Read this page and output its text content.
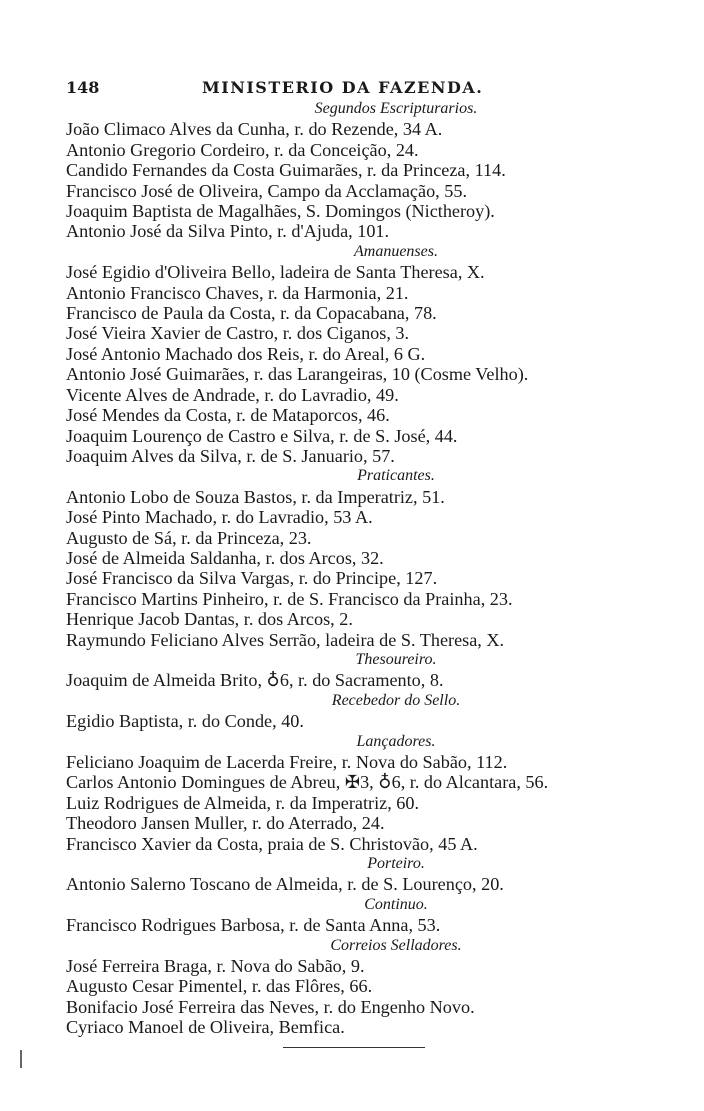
148	MINISTERIO DA FAZENDA.
Segundos Escripturarios.
João Climaco Alves da Cunha, r. do Rezende, 34 A.
Antonio Gregorio Cordeiro, r. da Conceição, 24.
Candido Fernandes da Costa Guimarães, r. da Princeza, 114.
Francisco José de Oliveira, Campo da Acclamação, 55.
Joaquim Baptista de Magalhães, S. Domingos (Nictheroy).
Antonio José da Silva Pinto, r. d'Ajuda, 101.
Amanuenses.
José Egidio d'Oliveira Bello, ladeira de Santa Theresa, X.
Antonio Francisco Chaves, r. da Harmonia, 21.
Francisco de Paula da Costa, r. da Copacabana, 78.
José Vieira Xavier de Castro, r. dos Ciganos, 3.
José Antonio Machado dos Reis, r. do Areal, 6 G.
Antonio José Guimarães, r. das Larangeiras, 10 (Cosme Velho).
Vicente Alves de Andrade, r. do Lavradio, 49.
José Mendes da Costa, r. de Mataporcos, 46.
Joaquim Lourenço de Castro e Silva, r. de S. José, 44.
Joaquim Alves da Silva, r. de S. Januario, 57.
Praticantes.
Antonio Lobo de Souza Bastos, r. da Imperatriz, 51.
José Pinto Machado, r. do Lavradio, 53 A.
Augusto de Sá, r. da Princeza, 23.
José de Almeida Saldanha, r. dos Arcos, 32.
José Francisco da Silva Vargas, r. do Principe, 127.
Francisco Martins Pinheiro, r. de S. Francisco da Prainha, 23.
Henrique Jacob Dantas, r. dos Arcos, 2.
Raymundo Feliciano Alves Serrão, ladeira de S. Theresa, X.
Thesoureiro.
Joaquim de Almeida Brito, ♁6, r. do Sacramento, 8.
Recebedor do Sello.
Egidio Baptista, r. do Conde, 40.
Lançadores.
Feliciano Joaquim de Lacerda Freire, r. Nova do Sabão, 112.
Carlos Antonio Domingues de Abreu, ✠3, ♁6, r. do Alcantara, 56.
Luiz Rodrigues de Almeida, r. da Imperatriz, 60.
Theodoro Jansen Muller, r. do Aterrado, 24.
Francisco Xavier da Costa, praia de S. Christovão, 45 A.
Porteiro.
Antonio Salerno Toscano de Almeida, r. de S. Lourenço, 20.
Continuo.
Francisco Rodrigues Barbosa, r. de Santa Anna, 53.
Correios Selladores.
José Ferreira Braga, r. Nova do Sabão, 9.
Augusto Cesar Pimentel, r. das Flôres, 66.
Bonifacio José Ferreira das Neves, r. do Engenho Novo.
Cyriaco Manoel de Oliveira, Bemfica.
